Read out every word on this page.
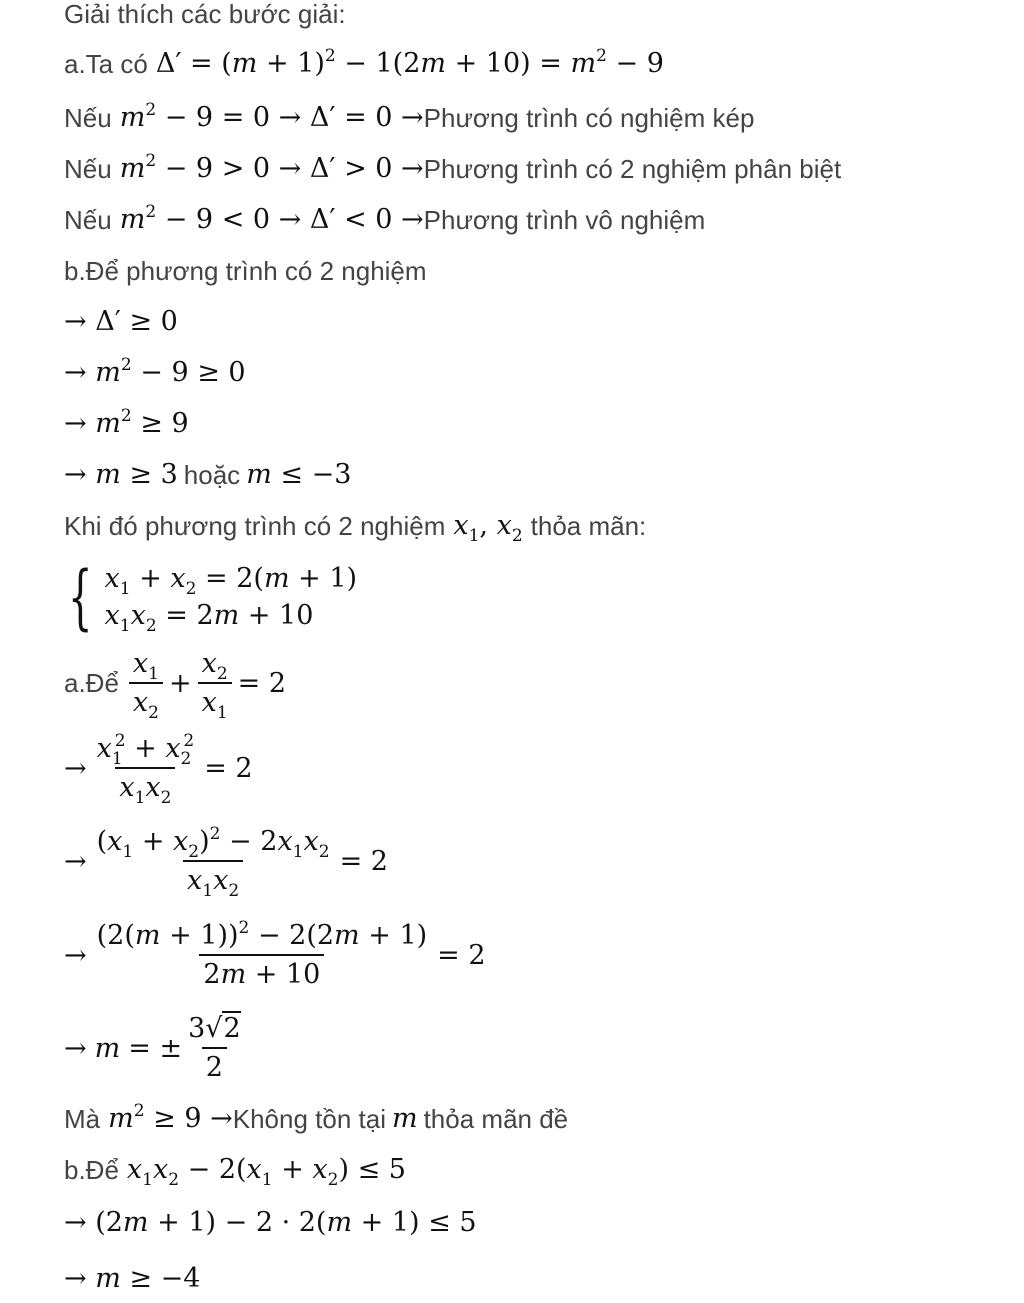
Giải thích các bước giải:
a.Ta có $\Delta' = (m + 1)^2 - 1(2m + 10) = m^2 - 9$
Nếu $m^2 - 9 = 0 \to \Delta' = 0$ → Phương trình có nghiệm kép
Nếu $m^2 - 9 > 0 \to \Delta' > 0$ → Phương trình có 2 nghiệm phân biệt
Nếu $m^2 - 9 < 0 \to \Delta' < 0$ → Phương trình vô nghiệm
b.Để phương trình có 2 nghiệm
→ Δ′ ≥ 0
→ $m^2 - 9 \ge 0$
→ $m^2 \ge 9$
→ m ≥ 3 hoặc m ≤ −3
Khi đó phương trình có 2 nghiệm $x_1$, $x_2$ thỏa mãn:
{ $x_1 + x_2 = 2(m + 1)$
$x_1x_2 = 2m + 10$
a.Để $\frac{x_1}{x_2} + \frac{x_2}{x_1} = 2$
→ $\frac{x_1^2 + x_2^2}{x_1x_2} = 2$
→ $\frac{(x_1 + x_2)^2 - 2x_1x_2}{x_1x_2} = 2$
→ $\frac{(2(m + 1))^2 - 2(2m + 1)}{2m + 10} = 2$
→ m = ± $\frac{3√2}{2}$
Mà $m^2 \ge 9$ → Không tồn tại m thỏa mãn đề
b.Để $x_1x_2 - 2(x_1 + x_2) \le 5$
→ (2m + 1) − 2 · 2(m + 1) ≤ 5
→ m ≥ −4
